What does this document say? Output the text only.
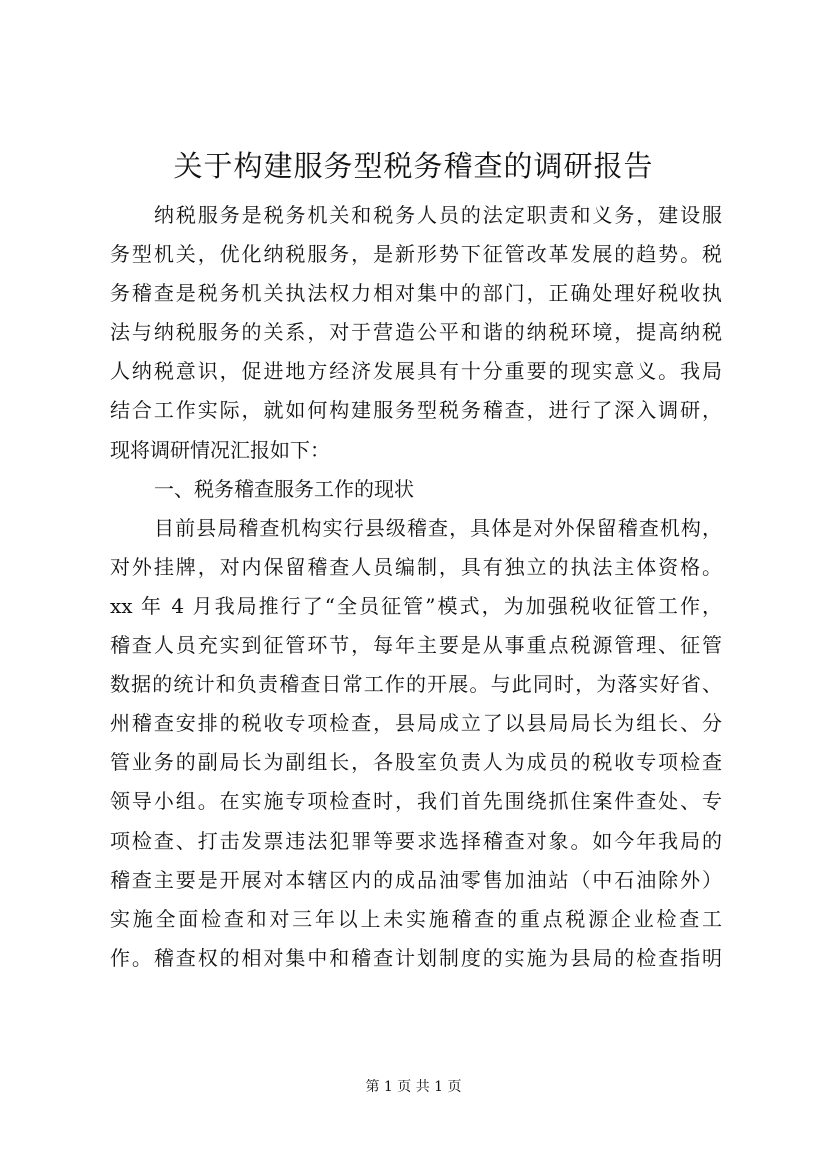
关于构建服务型税务稽查的调研报告
纳税服务是税务机关和税务人员的法定职责和义务，建设服
务型机关，优化纳税服务，是新形势下征管改革发展的趋势。税
务稽查是税务机关执法权力相对集中的部门，正确处理好税收执
法与纳税服务的关系，对于营造公平和谐的纳税环境，提高纳税
人纳税意识，促进地方经济发展具有十分重要的现实意义。我局
结合工作实际，就如何构建服务型税务稽查，进行了深入调研，
现将调研情况汇报如下：
一、税务稽查服务工作的现状
目前县局稽查机构实行县级稽查，具体是对外保留稽查机构，
对外挂牌，对内保留稽查人员编制，具有独立的执法主体资格。
xx 年 4 月我局推行了“全员征管”模式，为加强税收征管工作，
稽查人员充实到征管环节，每年主要是从事重点税源管理、征管
数据的统计和负责稽查日常工作的开展。与此同时，为落实好省、
州稽查安排的税收专项检查，县局成立了以县局局长为组长、分
管业务的副局长为副组长，各股室负责人为成员的税收专项检查
领导小组。在实施专项检查时，我们首先围绕抓住案件查处、专
项检查、打击发票违法犯罪等要求选择稽查对象。如今年我局的
稽查主要是开展对本辖区内的成品油零售加油站（中石油除外）
实施全面检查和对三年以上未实施稽查的重点税源企业检查工
作。稽查权的相对集中和稽查计划制度的实施为县局的检查指明
第 1 页 共 1 页
